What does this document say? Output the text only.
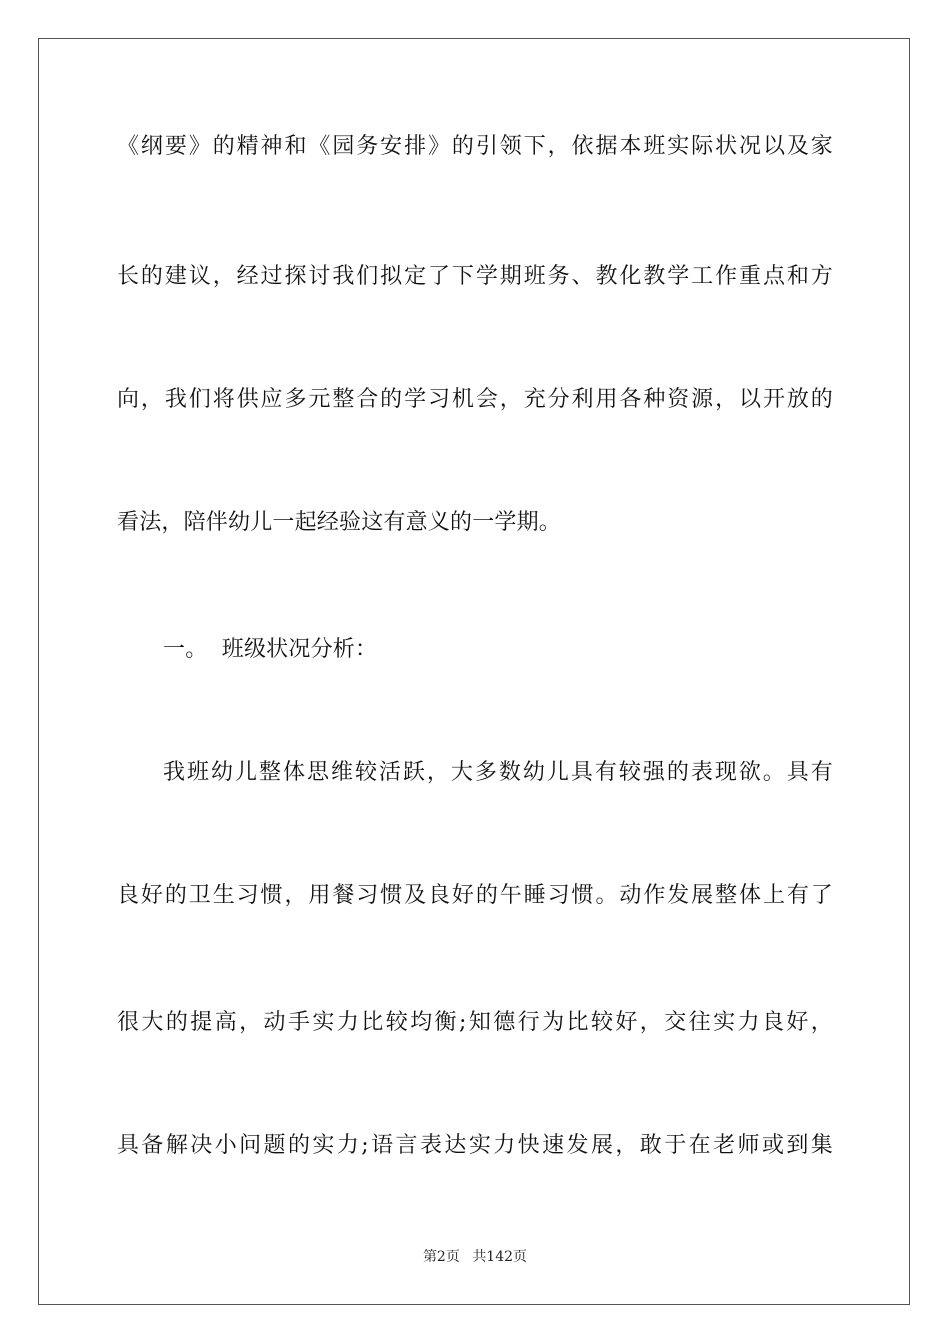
《纲要》的精神和《园务安排》的引领下，依据本班实际状况以及家
长的建议，经过探讨我们拟定了下学期班务、教化教学工作重点和方
向，我们将供应多元整合的学习机会，充分利用各种资源，以开放的
看法，陪伴幼儿一起经验这有意义的一学期。
一。  班级状况分析：
我班幼儿整体思维较活跃，大多数幼儿具有较强的表现欲。具有
良好的卫生习惯，用餐习惯及良好的午睡习惯。动作发展整体上有了
很大的提高，动手实力比较均衡;知德行为比较好，交往实力良好，
具备解决小问题的实力;语言表达实力快速发展，敢于在老师或到集
第2页 共142页
